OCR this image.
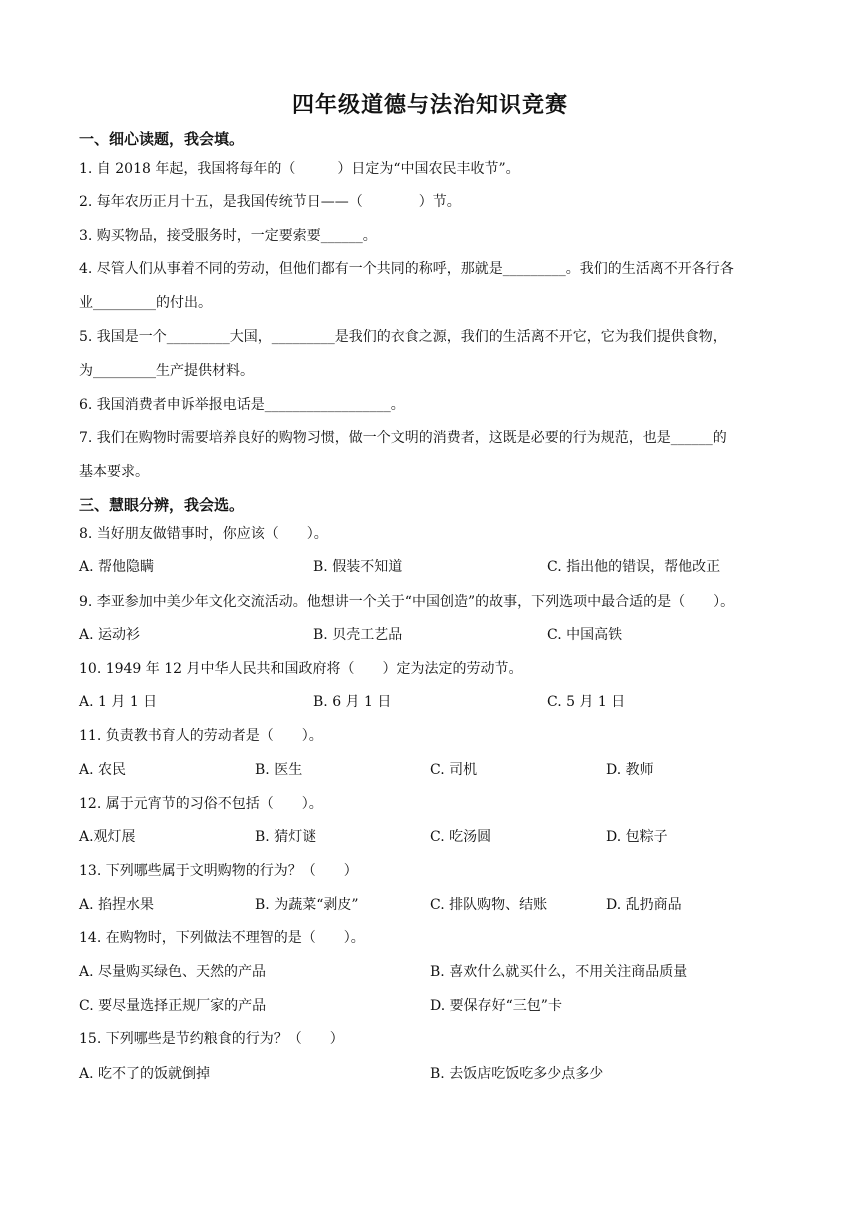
四年级道德与法治知识竞赛
一、细心读题，我会填。
1. 自 2018 年起，我国将每年的（　　　）日定为“中国农民丰收节”。
2. 每年农历正月十五，是我国传统节日——（　　　　）节。
3. 购买物品，接受服务时，一定要索要______。
4. 尽管人们从事着不同的劳动，但他们都有一个共同的称呼，那就是_________。我们的生活离不开各行各
业_________的付出。
5. 我国是一个_________大国，_________是我们的衣食之源，我们的生活离不开它，它为我们提供食物，
为_________生产提供材料。
6. 我国消费者申诉举报电话是__________________。
7. 我们在购物时需要培养良好的购物习惯，做一个文明的消费者，这既是必要的行为规范，也是______的
基本要求。
三、慧眼分辨，我会选。
8. 当好朋友做错事时，你应该（　　）。
A. 帮他隐瞒	B. 假装不知道	C. 指出他的错误，帮他改正
9. 李亚参加中美少年文化交流活动。他想讲一个关于“中国创造”的故事，下列选项中最合适的是（　　）。
A. 运动衫	B. 贝壳工艺品	C. 中国高铁
10. 1949 年 12 月中华人民共和国政府将（　　）定为法定的劳动节。
A. 1 月 1 日	B. 6 月 1 日	C. 5 月 1 日
11. 负责教书育人的劳动者是（　　）。
A. 农民	B. 医生	C. 司机	D. 教师
12. 属于元宵节的习俗不包括（　　）。
A.观灯展	B. 猜灯谜	C. 吃汤圆	D. 包粽子
13. 下列哪些属于文明购物的行为？（　　）
A. 掐捏水果	B. 为蔬菜“剥皮”	C. 排队购物、结账	D. 乱扔商品
14. 在购物时，下列做法不理智的是（　　）。
A. 尽量购买绿色、天然的产品	B. 喜欢什么就买什么，不用关注商品质量
C. 要尽量选择正规厂家的产品	D. 要保存好“三包”卡
15. 下列哪些是节约粮食的行为？（　　）
A. 吃不了的饭就倒掉	B. 去饭店吃饭吃多少点多少
